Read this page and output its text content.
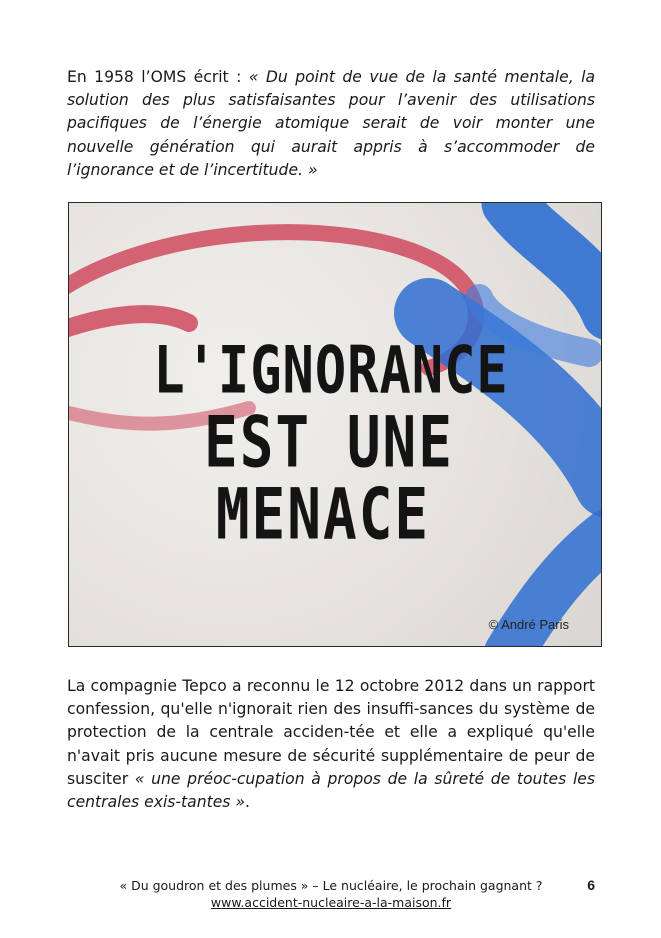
En 1958 l’OMS écrit : « Du point de vue de la santé mentale, la solution des plus satisfaisantes pour l’avenir des utilisations pacifiques de l’énergie atomique serait de voir monter une nouvelle génération qui aurait appris à s’accommoder de l’ignorance et de l’incertitude. »

L'IGNORANCE
EST UNE
MENACE
© André Paris

La compagnie Tepco a reconnu le 12 octobre 2012 dans un rapport confession, qu'elle n'ignorait rien des insuffi-sances du système de protection de la centrale acciden-tée et elle a expliqué qu'elle n'avait pris aucune mesure de sécurité supplémentaire de peur de susciter « une préoc-cupation à propos de la sûreté de toutes les centrales exis-tantes ».

« Du goudron et des plumes » – Le nucléaire, le prochain gagnant ?
www.accident-nucleaire-a-la-maison.fr
6
